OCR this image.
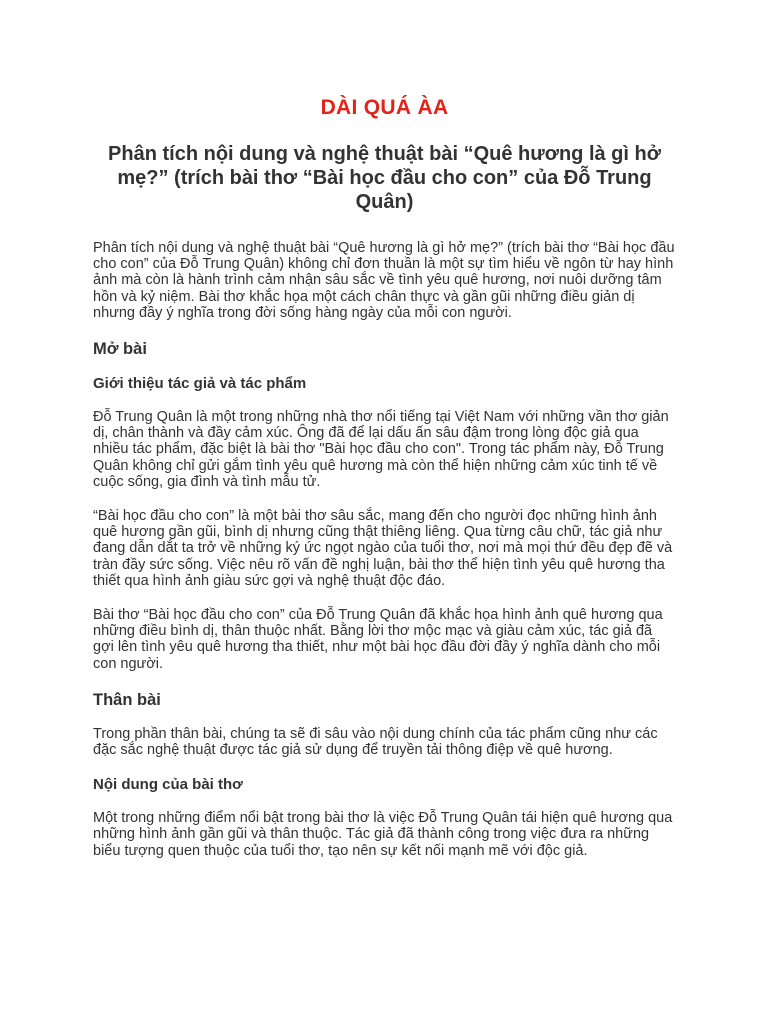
DÀI QUÁ ÀA
Phân tích nội dung và nghệ thuật bài “Quê hương là gì hở mẹ?” (trích bài thơ “Bài học đầu cho con” của Đỗ Trung Quân)

Phân tích nội dung và nghệ thuật bài “Quê hương là gì hở mẹ?” (trích bài thơ “Bài học đầu cho con” của Đỗ Trung Quân) không chỉ đơn thuần là một sự tìm hiểu về ngôn từ hay hình ảnh mà còn là hành trình cảm nhận sâu sắc về tình yêu quê hương, nơi nuôi dưỡng tâm hồn và kỷ niệm. Bài thơ khắc họa một cách chân thực và gần gũi những điều giản dị nhưng đầy ý nghĩa trong đời sống hàng ngày của mỗi con người.

Mở bài
Giới thiệu tác giả và tác phẩm

Đỗ Trung Quân là một trong những nhà thơ nổi tiếng tại Việt Nam với những vần thơ giản dị, chân thành và đầy cảm xúc. Ông đã để lại dấu ấn sâu đậm trong lòng độc giả qua nhiều tác phẩm, đặc biệt là bài thơ "Bài học đầu cho con". Trong tác phẩm này, Đỗ Trung Quân không chỉ gửi gắm tình yêu quê hương mà còn thể hiện những cảm xúc tinh tế về cuộc sống, gia đình và tình mẫu tử.

“Bài học đầu cho con” là một bài thơ sâu sắc, mang đến cho người đọc những hình ảnh quê hương gần gũi, bình dị nhưng cũng thật thiêng liêng. Qua từng câu chữ, tác giả như đang dẫn dắt ta trở về những ký ức ngọt ngào của tuổi thơ, nơi mà mọi thứ đều đẹp đẽ và tràn đầy sức sống. Việc nêu rõ vấn đề nghị luận, bài thơ thể hiện tình yêu quê hương tha thiết qua hình ảnh giàu sức gợi và nghệ thuật độc đáo.

Bài thơ “Bài học đầu cho con” của Đỗ Trung Quân đã khắc họa hình ảnh quê hương qua những điều bình dị, thân thuộc nhất. Bằng lời thơ mộc mạc và giàu cảm xúc, tác giả đã gợi lên tình yêu quê hương tha thiết, như một bài học đầu đời đầy ý nghĩa dành cho mỗi con người.

Thân bài

Trong phần thân bài, chúng ta sẽ đi sâu vào nội dung chính của tác phẩm cũng như các đặc sắc nghệ thuật được tác giả sử dụng để truyền tải thông điệp về quê hương.

Nội dung của bài thơ

Một trong những điểm nổi bật trong bài thơ là việc Đỗ Trung Quân tái hiện quê hương qua những hình ảnh gần gũi và thân thuộc. Tác giả đã thành công trong việc đưa ra những biểu tượng quen thuộc của tuổi thơ, tạo nên sự kết nối mạnh mẽ với độc giả.
